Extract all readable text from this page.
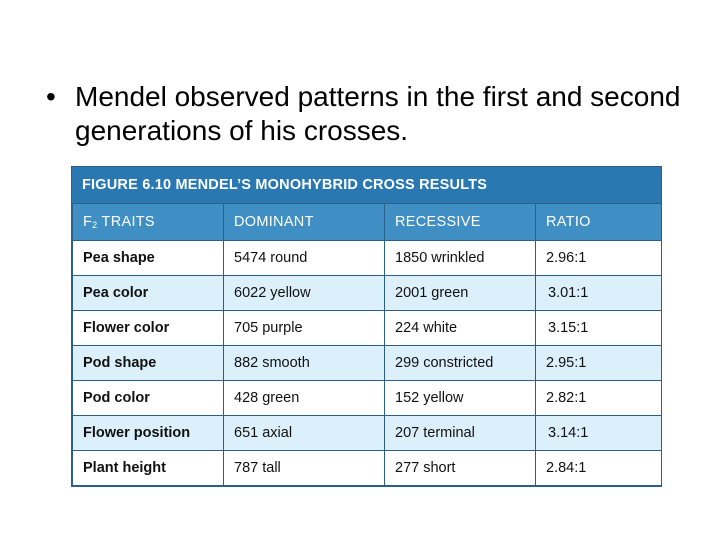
• Mendel observed patterns in the first and second generations of his crosses.
FIGURE 6.10 MENDEL’S MONOHYBRID CROSS RESULTS
$F_2$ TRAITS	DOMINANT	RECESSIVE	RATIO
Pea shape	5474 round	1850 wrinkled	2.96:1
Pea color	6022 yellow	2001 green	3.01:1
Flower color	705 purple	224 white	3.15:1
Pod shape	882 smooth	299 constricted	2.95:1
Pod color	428 green	152 yellow	2.82:1
Flower position	651 axial	207 terminal	3.14:1
Plant height	787 tall	277 short	2.84:1
